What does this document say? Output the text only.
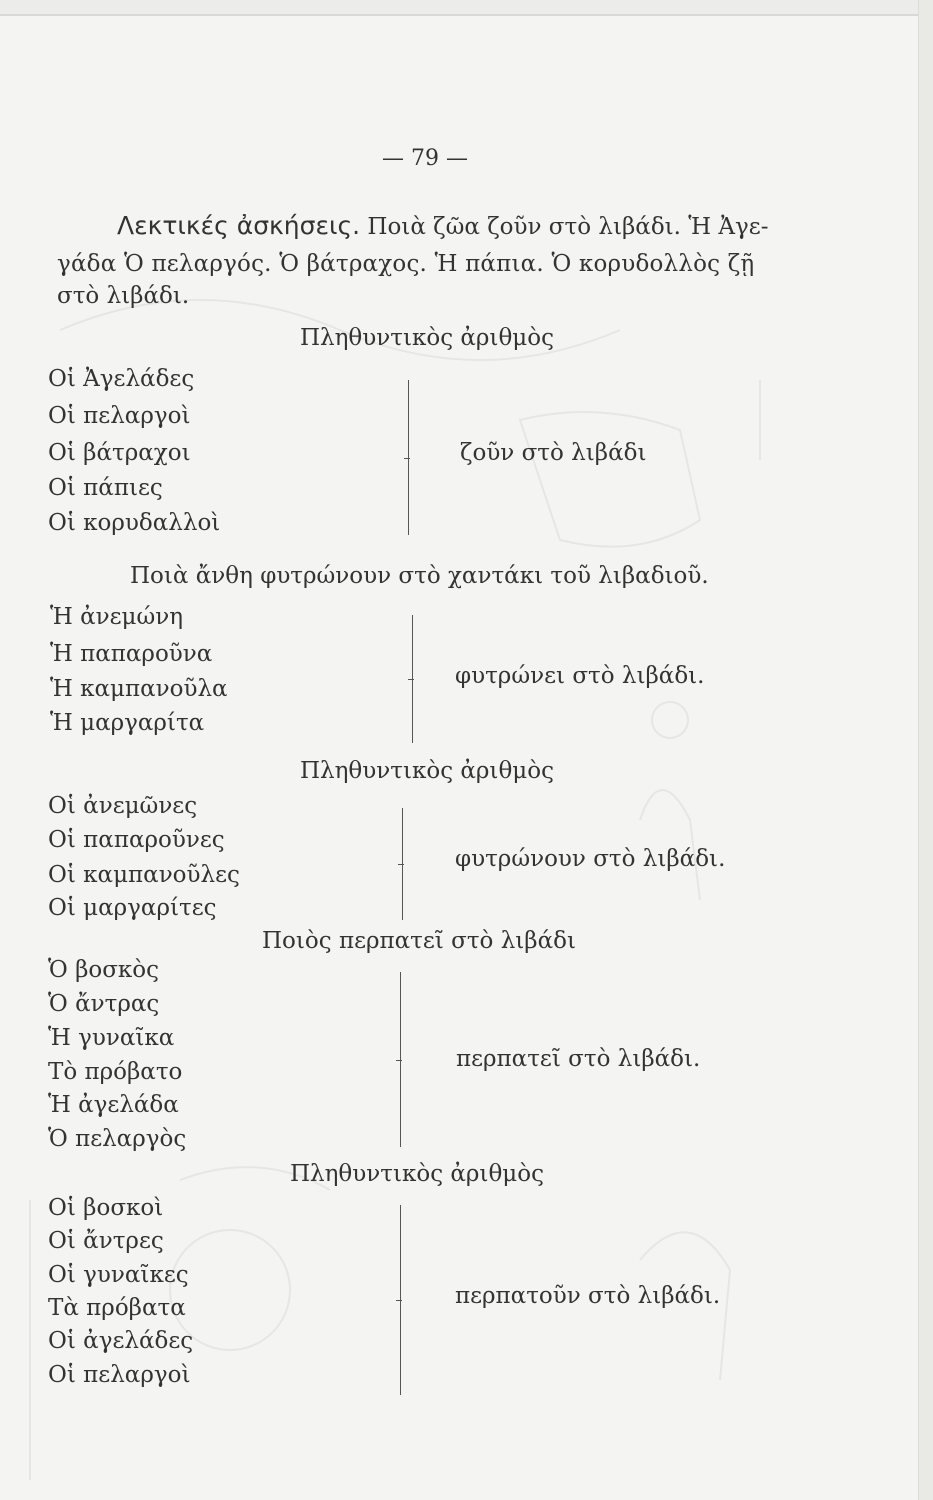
— 79 —
Λεκτικές ἀσκήσεις. Ποιὰ ζῶα ζοῦν στὸ λιβάδι. Ἡ Ἀγε-
γάδα Ὁ πελαργός. Ὁ βάτραχος. Ἡ πάπια. Ὁ κορυδολλὸς ζῇ
στὸ λιβάδι.
Πληθυντικὸς ἀριθμὸς
Οἱ Ἀγελάδες
Οἱ πελαργοὶ
Οἱ βάτραχοι
Οἱ πάπιες
Οἱ κορυδαλλοὶ
ζοῦν στὸ λιβάδι
Ποιὰ ἄνθη φυτρώνουν στὸ χαντάκι τοῦ λιβαδιοῦ.
Ἡ ἀνεμώνη
Ἡ παπαροῦνα
Ἡ καμπανοῦλα
Ἡ μαργαρίτα
φυτρώνει στὸ λιβάδι.
Πληθυντικὸς ἀριθμὸς
Οἱ ἀνεμῶνες
Οἱ παπαροῦνες
Οἱ καμπανοῦλες
Οἱ μαργαρίτες
φυτρώνουν στὸ λιβάδι.
Ποιὸς περπατεῖ στὸ λιβάδι
Ὁ βοσκὸς
Ὁ ἄντρας
Ἡ γυναῖκα
Τὸ πρόβατο
Ἡ ἀγελάδα
Ὁ πελαργὸς
περπατεῖ στὸ λιβάδι.
Πληθυντικὸς ἀριθμὸς
Οἱ βοσκοὶ
Οἱ ἄντρες
Οἱ γυναῖκες
Τὰ πρόβατα
Οἱ ἀγελάδες
Οἱ πελαργοὶ
περπατοῦν στὸ λιβάδι.
